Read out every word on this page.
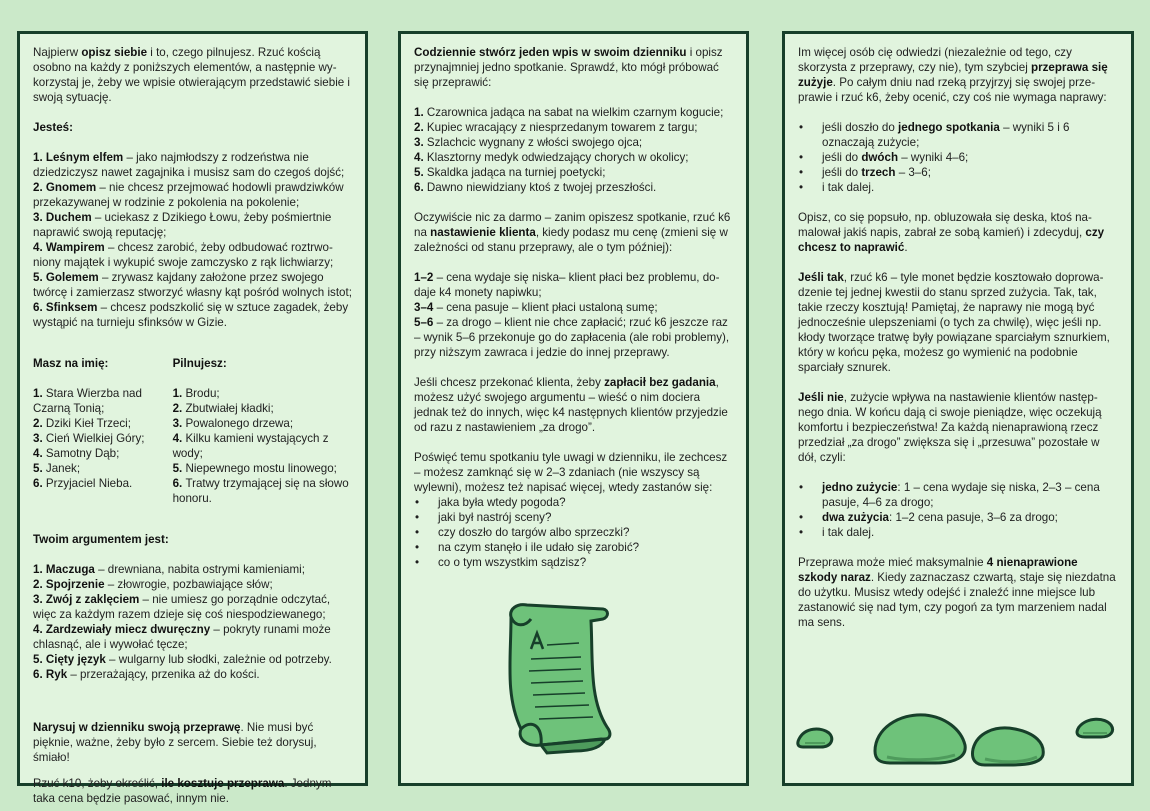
Najpierw opisz siebie i to, czego pilnujesz. Rzuć kością osobno na każdy z poniższych elementów, a następnie wykorzystaj je, żeby we wpisie otwierającym przedstawić siebie i swoją sytuację.

Jesteś:

1. Leśnym elfem – jako najmłodszy z rodzeństwa nie dziedziczysz nawet zagajnika i musisz sam do czegoś dojść;

2. Gnomem – nie chcesz przejmować hodowli prawdziwków przekazywanej w rodzinie z pokolenia na pokolenie;

3. Duchem – uciekasz z Dzikiego Łowu, żeby pośmiertnie naprawić swoją reputację;

4. Wampirem – chcesz zarobić, żeby odbudować roztrwoniony majątek i wykupić swoje zamczysko z rąk lichwiarzy;

5. Golemem – zrywasz kajdany założone przez swojego twórcę i zamierzasz stworzyć własny kąt pośród wolnych istot;

6. Sfinksem – chcesz podszkolić się w sztuce zagadek, żeby wystąpić na turnieju sfinksów w Gizie.

Masz na imię:

1. Stara Wierzba nad Czarną Tonią;

2. Dziki Kieł Trzeci;

3. Cień Wielkiej Góry;

4. Samotny Dąb;

5. Janek;

6. Przyjaciel Nieba.

Pilnujesz:

1. Brodu;

2. Zbutwiałej kładki;

3. Powalonego drzewa;

4. Kilku kamieni wystających z wody;

5. Niepewnego mostu linowego;

6. Tratwy trzymającej się na słowo honoru.

Twoim argumentem jest:

1. Maczuga – drewniana, nabita ostrymi kamieniami;

2. Spojrzenie – złowrogie, pozbawiające słów;

3. Zwój z zaklęciem – nie umiesz go porządnie odczytać, więc za każdym razem dzieje się coś niespodziewanego;

4. Zardzewiały miecz dwuręczny – pokryty runami może chlasnąć, ale i wywołać tęcze;

5. Cięty język – wulgarny lub słodki, zależnie od potrzeby.

6. Ryk – przerażający, przenika aż do kości.

Narysuj w dzienniku swoją przeprawę. Nie musi być pięknie, ważne, żeby było z sercem. Siebie też dorysuj, śmiało!

Rzuć k10, żeby określić, ile kosztuje przeprawa. Jednym taka cena będzie pasować, innym nie.

Codziennie stwórz jeden wpis w swoim dzienniku i opisz przynajmniej jedno spotkanie. Sprawdź, kto mógł próbować się przeprawić:

1. Czarownica jadąca na sabat na wielkim czarnym kogucie;

2. Kupiec wracający z niesprzedanym towarem z targu;

3. Szlachcic wygnany z włości swojego ojca;

4. Klasztorny medyk odwiedzający chorych w okolicy;

5. Skaldka jadąca na turniej poetycki;

6. Dawno niewidziany ktoś z twojej przeszłości.

Oczywiście nic za darmo – zanim opiszesz spotkanie, rzuć k6 na nastawienie klienta, kiedy podasz mu cenę (zmieni się w zależności od stanu przeprawy, ale o tym później):

1–2 – cena wydaje się niska– klient płaci bez problemu, dodaje k4 monety napiwku;

3–4 – cena pasuje – klient płaci ustaloną sumę;

5–6 – za drogo – klient nie chce zapłacić; rzuć k6 jeszcze raz – wynik 5–6 przekonuje go do zapłacenia (ale robi problemy), przy niższym zawraca i jedzie do innej przeprawy.

Jeśli chcesz przekonać klienta, żeby zapłacił bez gadania, możesz użyć swojego argumentu – wieść o nim dociera jednak też do innych, więc k4 następnych klientów przyjedzie od razu z nastawieniem „za drogo”.

Poświęć temu spotkaniu tyle uwagi w dzienniku, ile zechcesz – możesz zamknąć się w 2–3 zdaniach (nie wszyscy są wylewni), możesz też napisać więcej, wtedy zastanów się:

• jaka była wtedy pogoda?
• jaki był nastrój sceny?
• czy doszło do targów albo sprzeczki?
• na czym stanęło i ile udało się zarobić?
• co o tym wszystkim sądzisz?

Im więcej osób cię odwiedzi (niezależnie od tego, czy skorzysta z przeprawy, czy nie), tym szybciej przeprawa się zużyje. Po całym dniu nad rzeką przyjrzyj się swojej przeprawie i rzuć k6, żeby ocenić, czy coś nie wymaga naprawy:

• jeśli doszło do jednego spotkania – wyniki 5 i 6 oznaczają zużycie;
• jeśli do dwóch – wyniki 4–6;
• jeśli do trzech – 3–6;
• i tak dalej.

Opisz, co się popsuło, np. obluzowała się deska, ktoś namalował jakiś napis, zabrał ze sobą kamień) i zdecyduj, czy chcesz to naprawić.

Jeśli tak, rzuć k6 – tyle monet będzie kosztowało doprowadzenie tej jednej kwestii do stanu sprzed zużycia. Tak, tak, takie rzeczy kosztują! Pamiętaj, że naprawy nie mogą być jednocześnie ulepszeniami (o tych za chwilę), więc jeśli np. kłody tworzące tratwę były powiązane sparciałym sznurkiem, który w końcu pęka, możesz go wymienić na podobnie sparciały sznurek.

Jeśli nie, zużycie wpływa na nastawienie klientów następnego dnia. W końcu dają ci swoje pieniądze, więc oczekują komfortu i bezpieczeństwa! Za każdą nienaprawioną rzecz przedział „za drogo” zwiększa się i „przesuwa” pozostałe w dół, czyli:

• jedno zużycie: 1 – cena wydaje się niska, 2–3 – cena pasuje, 4–6 za drogo;
• dwa zużycia: 1–2 cena pasuje, 3–6 za drogo;
• i tak dalej.

Przeprawa może mieć maksymalnie 4 nienaprawione szkody naraz. Kiedy zaznaczasz czwartą, staje się niezdatna do użytku. Musisz wtedy odejść i znaleźć inne miejsce lub zastanowić się nad tym, czy pogoń za tym marzeniem nadal ma sens.
